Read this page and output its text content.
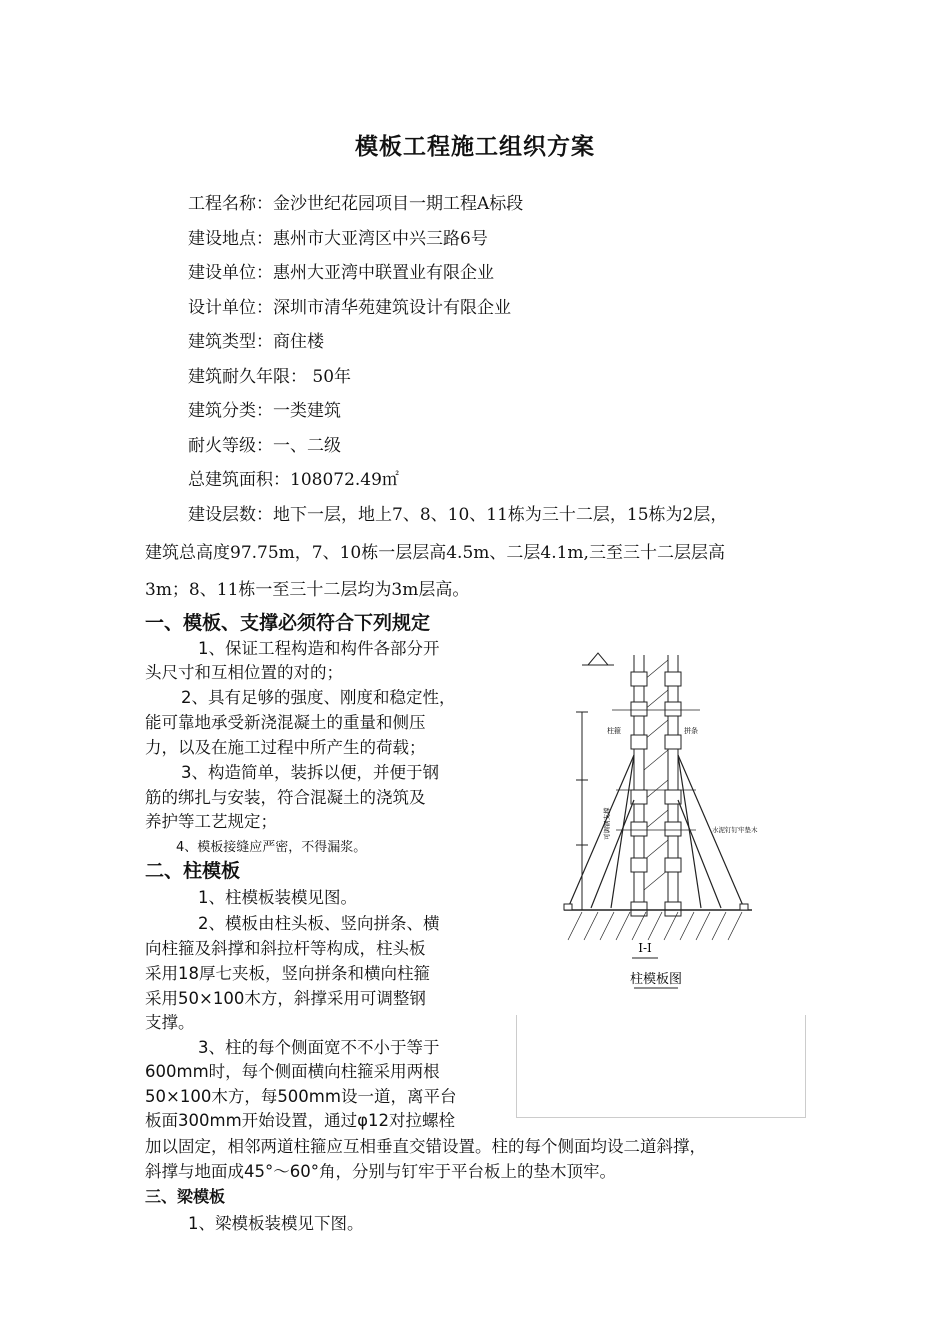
模板工程施工组织方案
工程名称：金沙世纪花园项目一期工程A标段
建设地点：惠州市大亚湾区中兴三路6号
建设单位：惠州大亚湾中联置业有限企业
设计单位：深圳市清华苑建筑设计有限企业
建筑类型：商住楼
建筑耐久年限： 50年
建筑分类：一类建筑
耐火等级：一、二级
总建筑面积：108072.49㎡
建设层数：地下一层，地上7、8、10、11栋为三十二层，15栋为2层，
建筑总高度97.75m，7、10栋一层层高4.5m、二层4.1m,三至三十二层层高
3m；8、11栋一至三十二层均为3m层高。
一、模板、支撑必须符合下列规定
1、保证工程构造和构件各部分开
头尺寸和互相位置的对的；
2、具有足够的强度、刚度和稳定性，
能可靠地承受新浇混凝土的重量和侧压
力，以及在施工过程中所产生的荷载；
3、构造简单，装拆以便，并便于钢
筋的绑扎与安装，符合混凝土的浇筑及
养护等工艺规定；
4、模板接缝应严密，不得漏浆。
二、柱模板
1、柱模板装模见图。
2、模板由柱头板、竖向拼条、横
向柱箍及斜撑和斜拉杆等构成，柱头板
采用18厚七夹板，竖向拼条和横向柱箍
采用50×100木方，斜撑采用可调整钢
支撑。
3、柱的每个侧面宽不不小于等于
600mm时，每个侧面横向柱箍采用两根
50×100木方，每500mm设一道，离平台
板面300mm开始设置，通过φ12对拉螺栓
加以固定，相邻两道柱箍应互相垂直交错设置。柱的每个侧面均设二道斜撑，
斜撑与地面成45°～60°角，分别与钉牢于平台板上的垫木顶牢。
三、梁模板
1、梁模板装模见下图。
柱箍	拼条
水泥钉钉牢垫木
可调钢支撑
I-I
柱模板图
